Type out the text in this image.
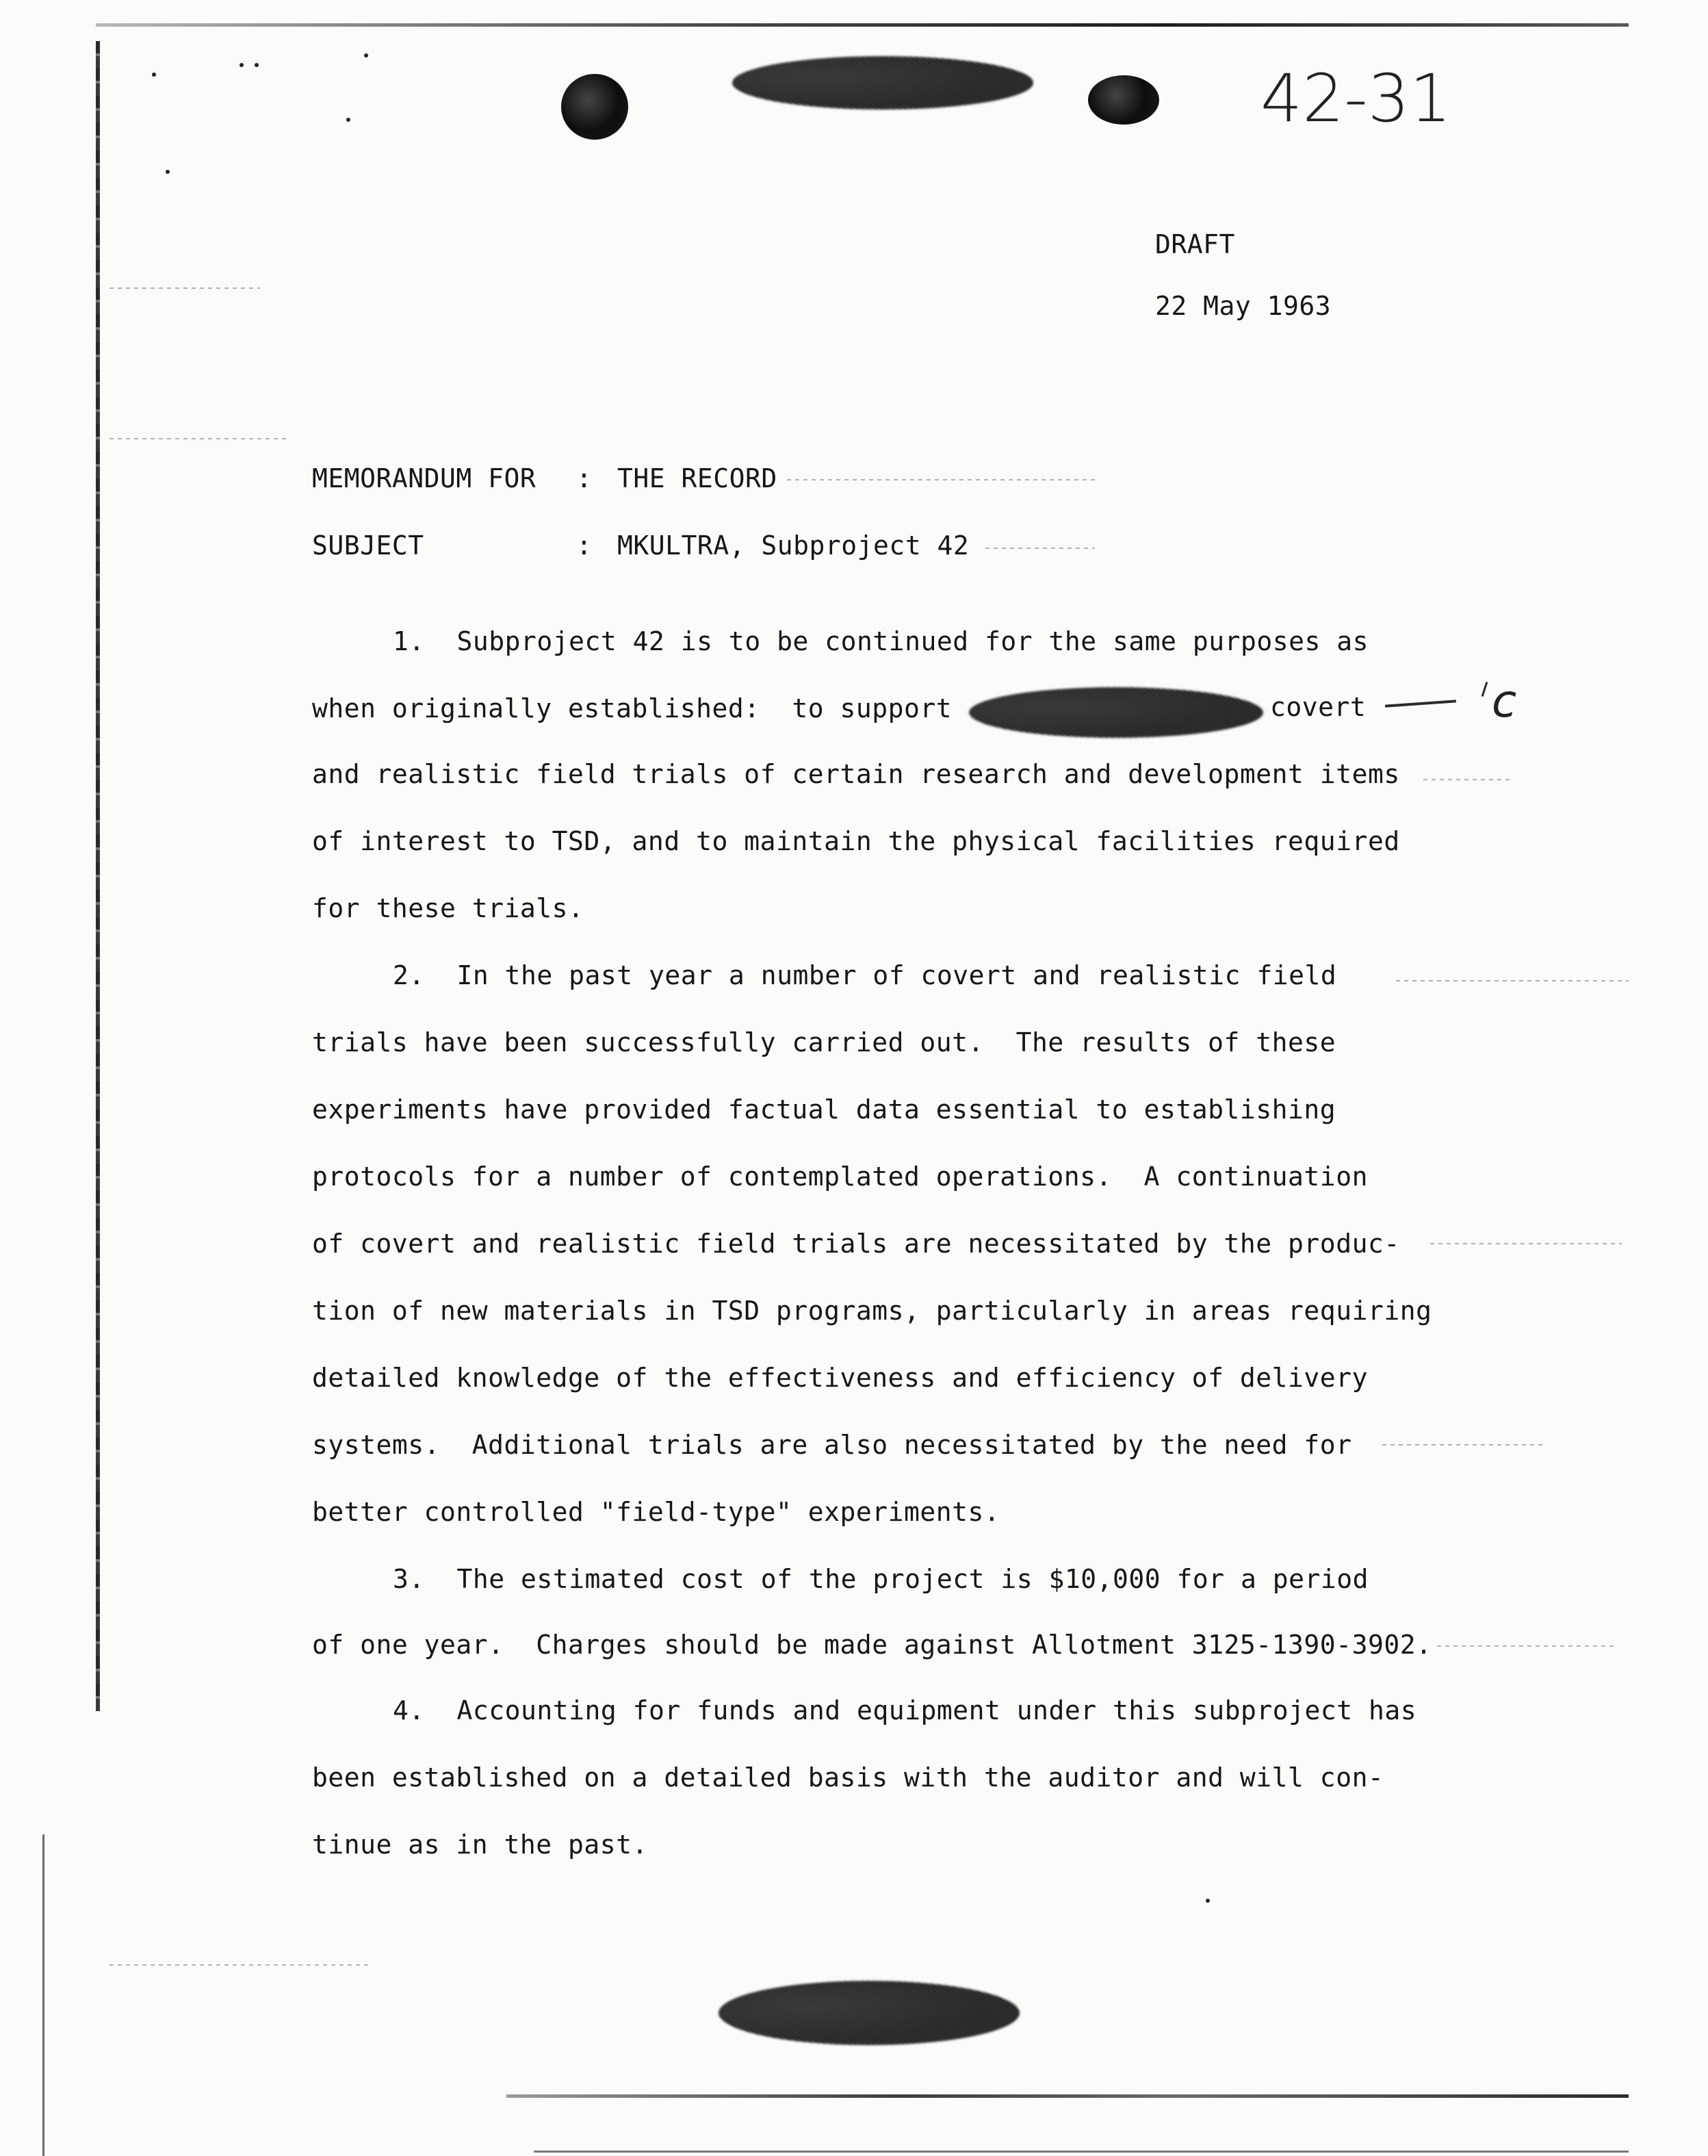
42-31
DRAFT
22 May 1963
MEMORANDUM FOR : THE RECORD
SUBJECT	: MKULTRA, Subproject 42
1.  Subproject 42 is to be continued for the same purposes as
when originally established:  to support	covert
and realistic field trials of certain research and development items
of interest to TSD, and to maintain the physical facilities required
for these trials.
2.  In the past year a number of covert and realistic field
trials have been successfully carried out.  The results of these
experiments have provided factual data essential to establishing
protocols for a number of contemplated operations.  A continuation
of covert and realistic field trials are necessitated by the produc-
tion of new materials in TSD programs, particularly in areas requiring
detailed knowledge of the effectiveness and efficiency of delivery
systems.  Additional trials are also necessitated by the need for
better controlled "field-type" experiments.
3.  The estimated cost of the project is $10,000 for a period
of one year.  Charges should be made against Allotment 3125-1390-3902.
4.  Accounting for funds and equipment under this subproject has
been established on a detailed basis with the auditor and will con-
tinue as in the past.
c
